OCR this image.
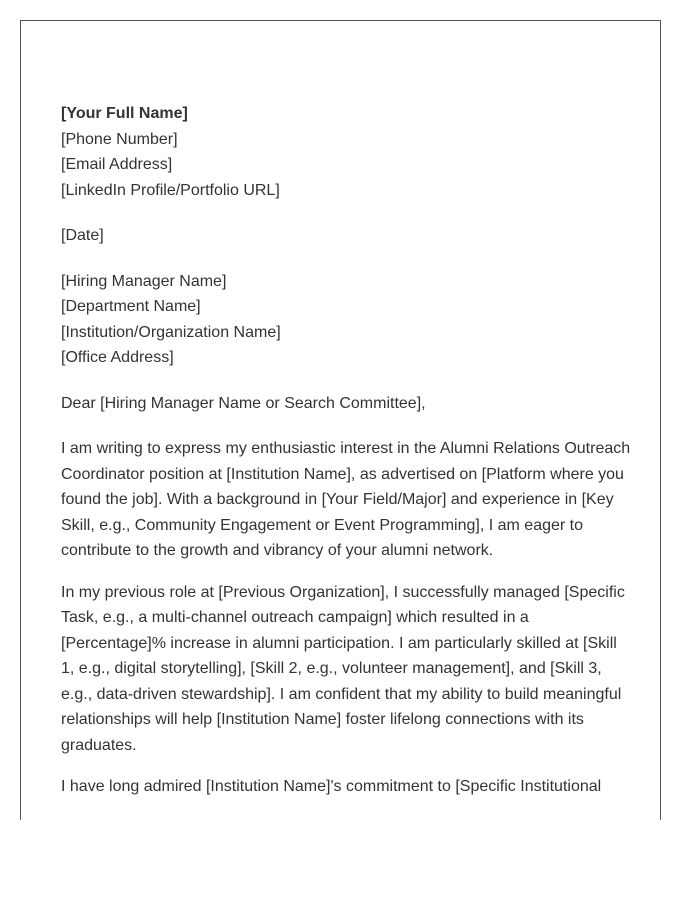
[Your Full Name]
[Phone Number]
[Email Address]
[LinkedIn Profile/Portfolio URL]
[Date]
[Hiring Manager Name]
[Department Name]
[Institution/Organization Name]
[Office Address]
Dear [Hiring Manager Name or Search Committee],

I am writing to express my enthusiastic interest in the Alumni Relations Outreach Coordinator position at [Institution Name], as advertised on [Platform where you found the job]. With a background in [Your Field/Major] and experience in [Key Skill, e.g., Community Engagement or Event Programming], I am eager to contribute to the growth and vibrancy of your alumni network.

In my previous role at [Previous Organization], I successfully managed [Specific Task, e.g., a multi-channel outreach campaign] which resulted in a [Percentage]% increase in alumni participation. I am particularly skilled at [Skill 1, e.g., digital storytelling], [Skill 2, e.g., volunteer management], and [Skill 3, e.g., data-driven stewardship]. I am confident that my ability to build meaningful relationships will help [Institution Name] foster lifelong connections with its graduates.

I have long admired [Institution Name]'s commitment to [Specific Institutional
